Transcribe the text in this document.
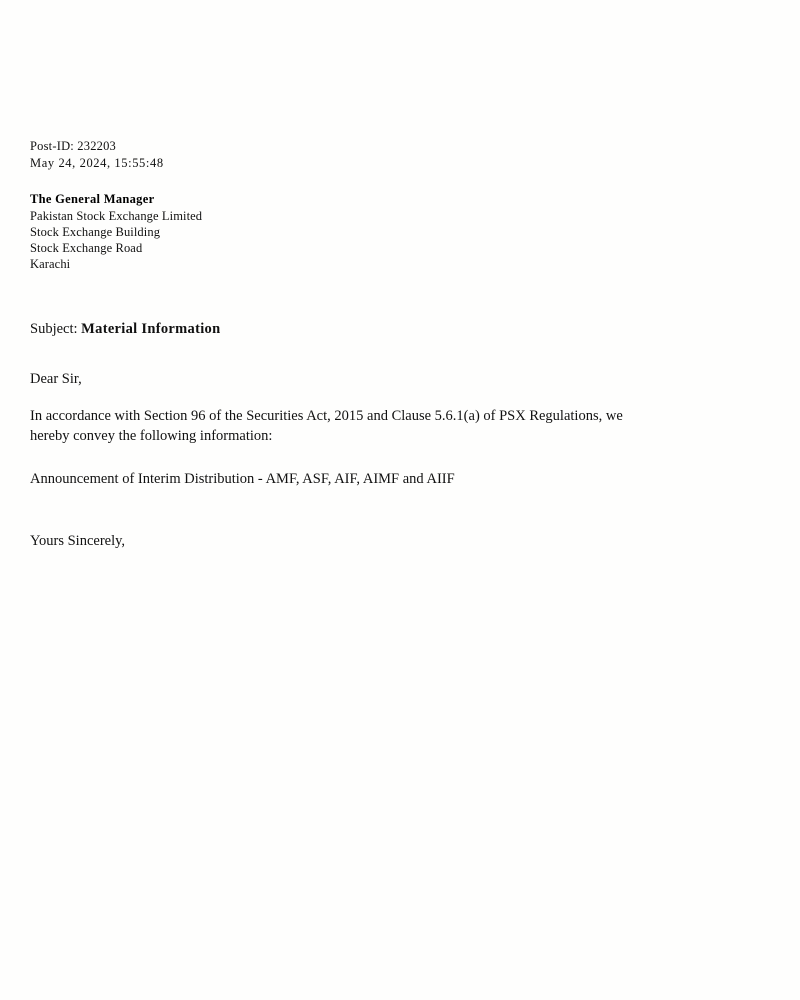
Post-ID: 232203
May 24, 2024, 15:55:48
The General Manager
Pakistan Stock Exchange Limited
Stock Exchange Building
Stock Exchange Road
Karachi
Subject: Material Information
Dear Sir,
In accordance with Section 96 of the Securities Act, 2015 and Clause 5.6.1(a) of PSX Regulations, we hereby convey the following information:
Announcement of Interim Distribution - AMF, ASF, AIF, AIMF and AIIF
Yours Sincerely,
